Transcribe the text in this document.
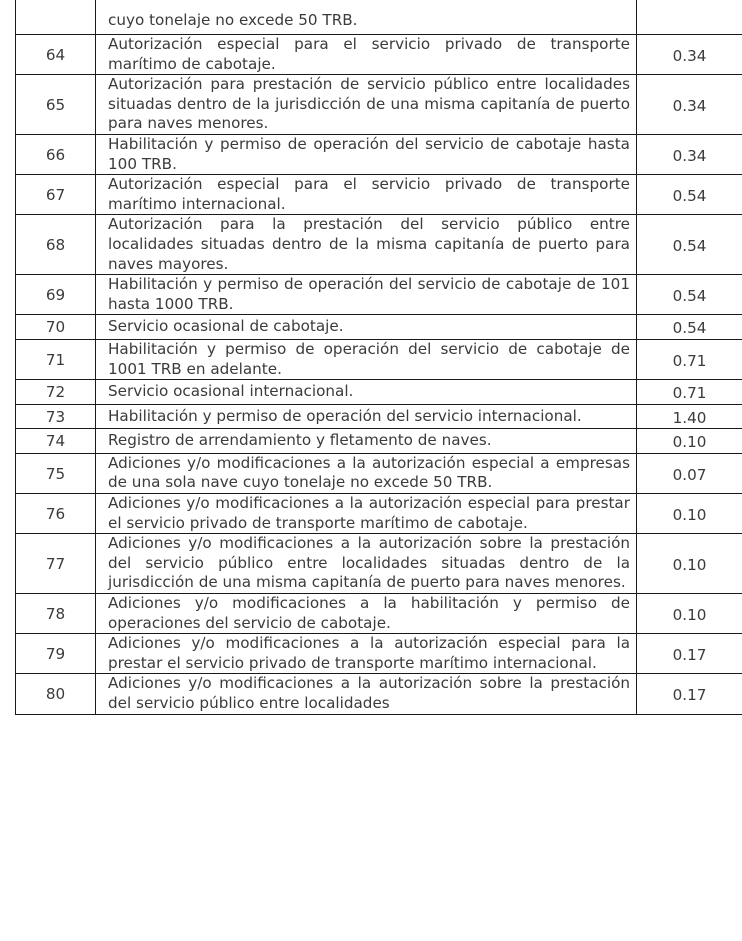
	cuyo tonelaje no excede 50 TRB.	
64	Autorización especial para el servicio privado de transporte marítimo de cabotaje.	0.34
65	Autorización para prestación de servicio público entre localidades situadas dentro de la jurisdicción de una misma capitanía de puerto para naves menores.	0.34
66	Habilitación y permiso de operación del servicio de cabotaje hasta 100 TRB.	0.34
67	Autorización especial para el servicio privado de transporte marítimo internacional.	0.54
68	Autorización para la prestación del servicio público entre localidades situadas dentro de la misma capitanía de puerto para naves mayores.	0.54
69	Habilitación y permiso de operación del servicio de cabotaje de 101 hasta 1000 TRB.	0.54
70	Servicio ocasional de cabotaje.	0.54
71	Habilitación y permiso de operación del servicio de cabotaje de 1001 TRB en adelante.	0.71
72	Servicio ocasional internacional.	0.71
73	Habilitación y permiso de operación del servicio internacional.	1.40
74	Registro de arrendamiento y fletamento de naves.	0.10
75	Adiciones y/o modificaciones a la autorización especial a empresas de una sola nave cuyo tonelaje no excede 50 TRB.	0.07
76	Adiciones y/o modificaciones a la autorización especial para prestar el servicio privado de transporte marítimo de cabotaje.	0.10
77	Adiciones y/o modificaciones a la autorización sobre la prestación del servicio público entre localidades situadas dentro de la jurisdicción de una misma capitanía de puerto para naves menores.	0.10
78	Adiciones y/o modificaciones a la habilitación y permiso de operaciones del servicio de cabotaje.	0.10
79	Adiciones y/o modificaciones a la autorización especial para la prestar el servicio privado de transporte marítimo internacional.	0.17
80	Adiciones y/o modificaciones a la autorización sobre la prestación del servicio público entre localidades	0.17
